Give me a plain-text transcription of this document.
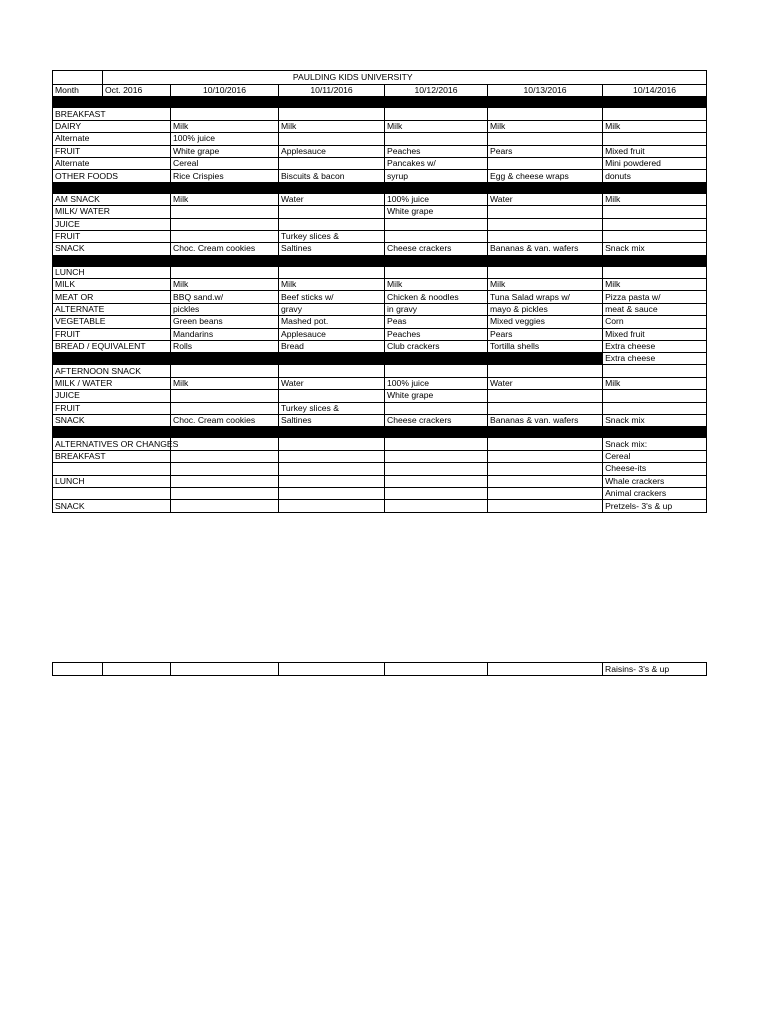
	PAULDING KIDS UNIVERSITY					
Month	Oct. 2016	10/10/2016	10/11/2016	10/12/2016	10/13/2016	10/14/2016

BREAKFAST						
DAIRY		Milk	Milk	Milk	Milk	Milk
Alternate		100% juice				
FRUIT		White grape	Applesauce	Peaches	Pears	Mixed fruit
Alternate		Cereal		Pancakes w/		Mini powdered
OTHER FOODS		Rice Crispies	Biscuits & bacon	syrup	Egg & cheese wraps	donuts

AM SNACK		Milk	Water	100% juice	Water	Milk
MILK/ WATER				White grape		
JUICE						
FRUIT			Turkey slices &			
SNACK		Choc. Cream cookies	Saltines	Cheese crackers	Bananas & van. wafers	Snack mix

LUNCH						
MILK		Milk	Milk	Milk	Milk	Milk
MEAT OR		BBQ sand.w/	Beef sticks w/	Chicken & noodles	Tuna Salad wraps w/	Pizza pasta w/
ALTERNATE		pickles	gravy	in gravy	mayo & pickles	meat & sauce
VEGETABLE		Green beans	Mashed pot.	Peas	Mixed veggies	Corn
FRUIT		Mandarins	Applesauce	Peaches	Pears	Mixed fruit
BREAD / EQUIVALENT		Rolls	Bread	Club crackers	Tortilla shells	Extra cheese
						Extra cheese
AFTERNOON SNACK						
MILK / WATER		Milk	Water	100% juice	Water	Milk
JUICE				White grape		
FRUIT			Turkey slices &			
SNACK		Choc. Cream cookies	Saltines	Cheese crackers	Bananas & van. wafers	Snack mix

ALTERNATIVES OR CHANGES						Snack mix:
BREAKFAST						Cereal
						Cheese-its
LUNCH						Whale crackers
						Animal crackers
SNACK						Pretzels- 3's & up
						Raisins- 3's & up
